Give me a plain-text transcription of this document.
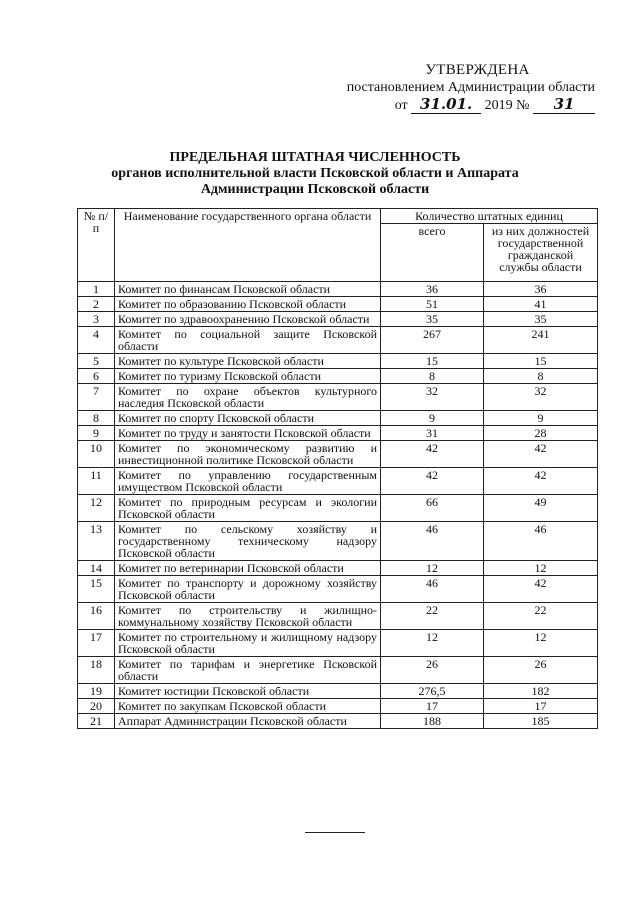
УТВЕРЖДЕНА
постановлением Администрации области
от 31.01. 2019 № 31
ПРЕДЕЛЬНАЯ ШТАТНАЯ ЧИСЛЕННОСТЬ
органов исполнительной власти Псковской области и Аппарата
Администрации Псковской области
№ п/п	Наименование государственного органа области	Количество штатных единиц	
		всего	из них должностей государственной гражданской службы области
1	Комитет по финансам Псковской области	36	36
2	Комитет по образованию Псковской области	51	41
3	Комитет по здравоохранению Псковской области	35	35
4	Комитет по социальной защите Псковской области	267	241
5	Комитет по культуре Псковской области	15	15
6	Комитет по туризму Псковской области	8	8
7	Комитет по охране объектов культурного наследия Псковской области	32	32
8	Комитет по спорту Псковской области	9	9
9	Комитет по труду и занятости Псковской области	31	28
10	Комитет по экономическому развитию и инвестиционной политике Псковской области	42	42
11	Комитет по управлению государственным имуществом Псковской области	42	42
12	Комитет по природным ресурсам и экологии Псковской области	66	49
13	Комитет по сельскому хозяйству и государственному техническому надзору Псковской области	46	46
14	Комитет по ветеринарии Псковской области	12	12
15	Комитет по транспорту и дорожному хозяйству Псковской области	46	42
16	Комитет по строительству и жилищно-коммунальному хозяйству Псковской области	22	22
17	Комитет по строительному и жилищному надзору Псковской области	12	12
18	Комитет по тарифам и энергетике Псковской области	26	26
19	Комитет юстиции Псковской области	276,5	182
20	Комитет по закупкам Псковской области	17	17
21	Аппарат Администрации Псковской области	188	185
